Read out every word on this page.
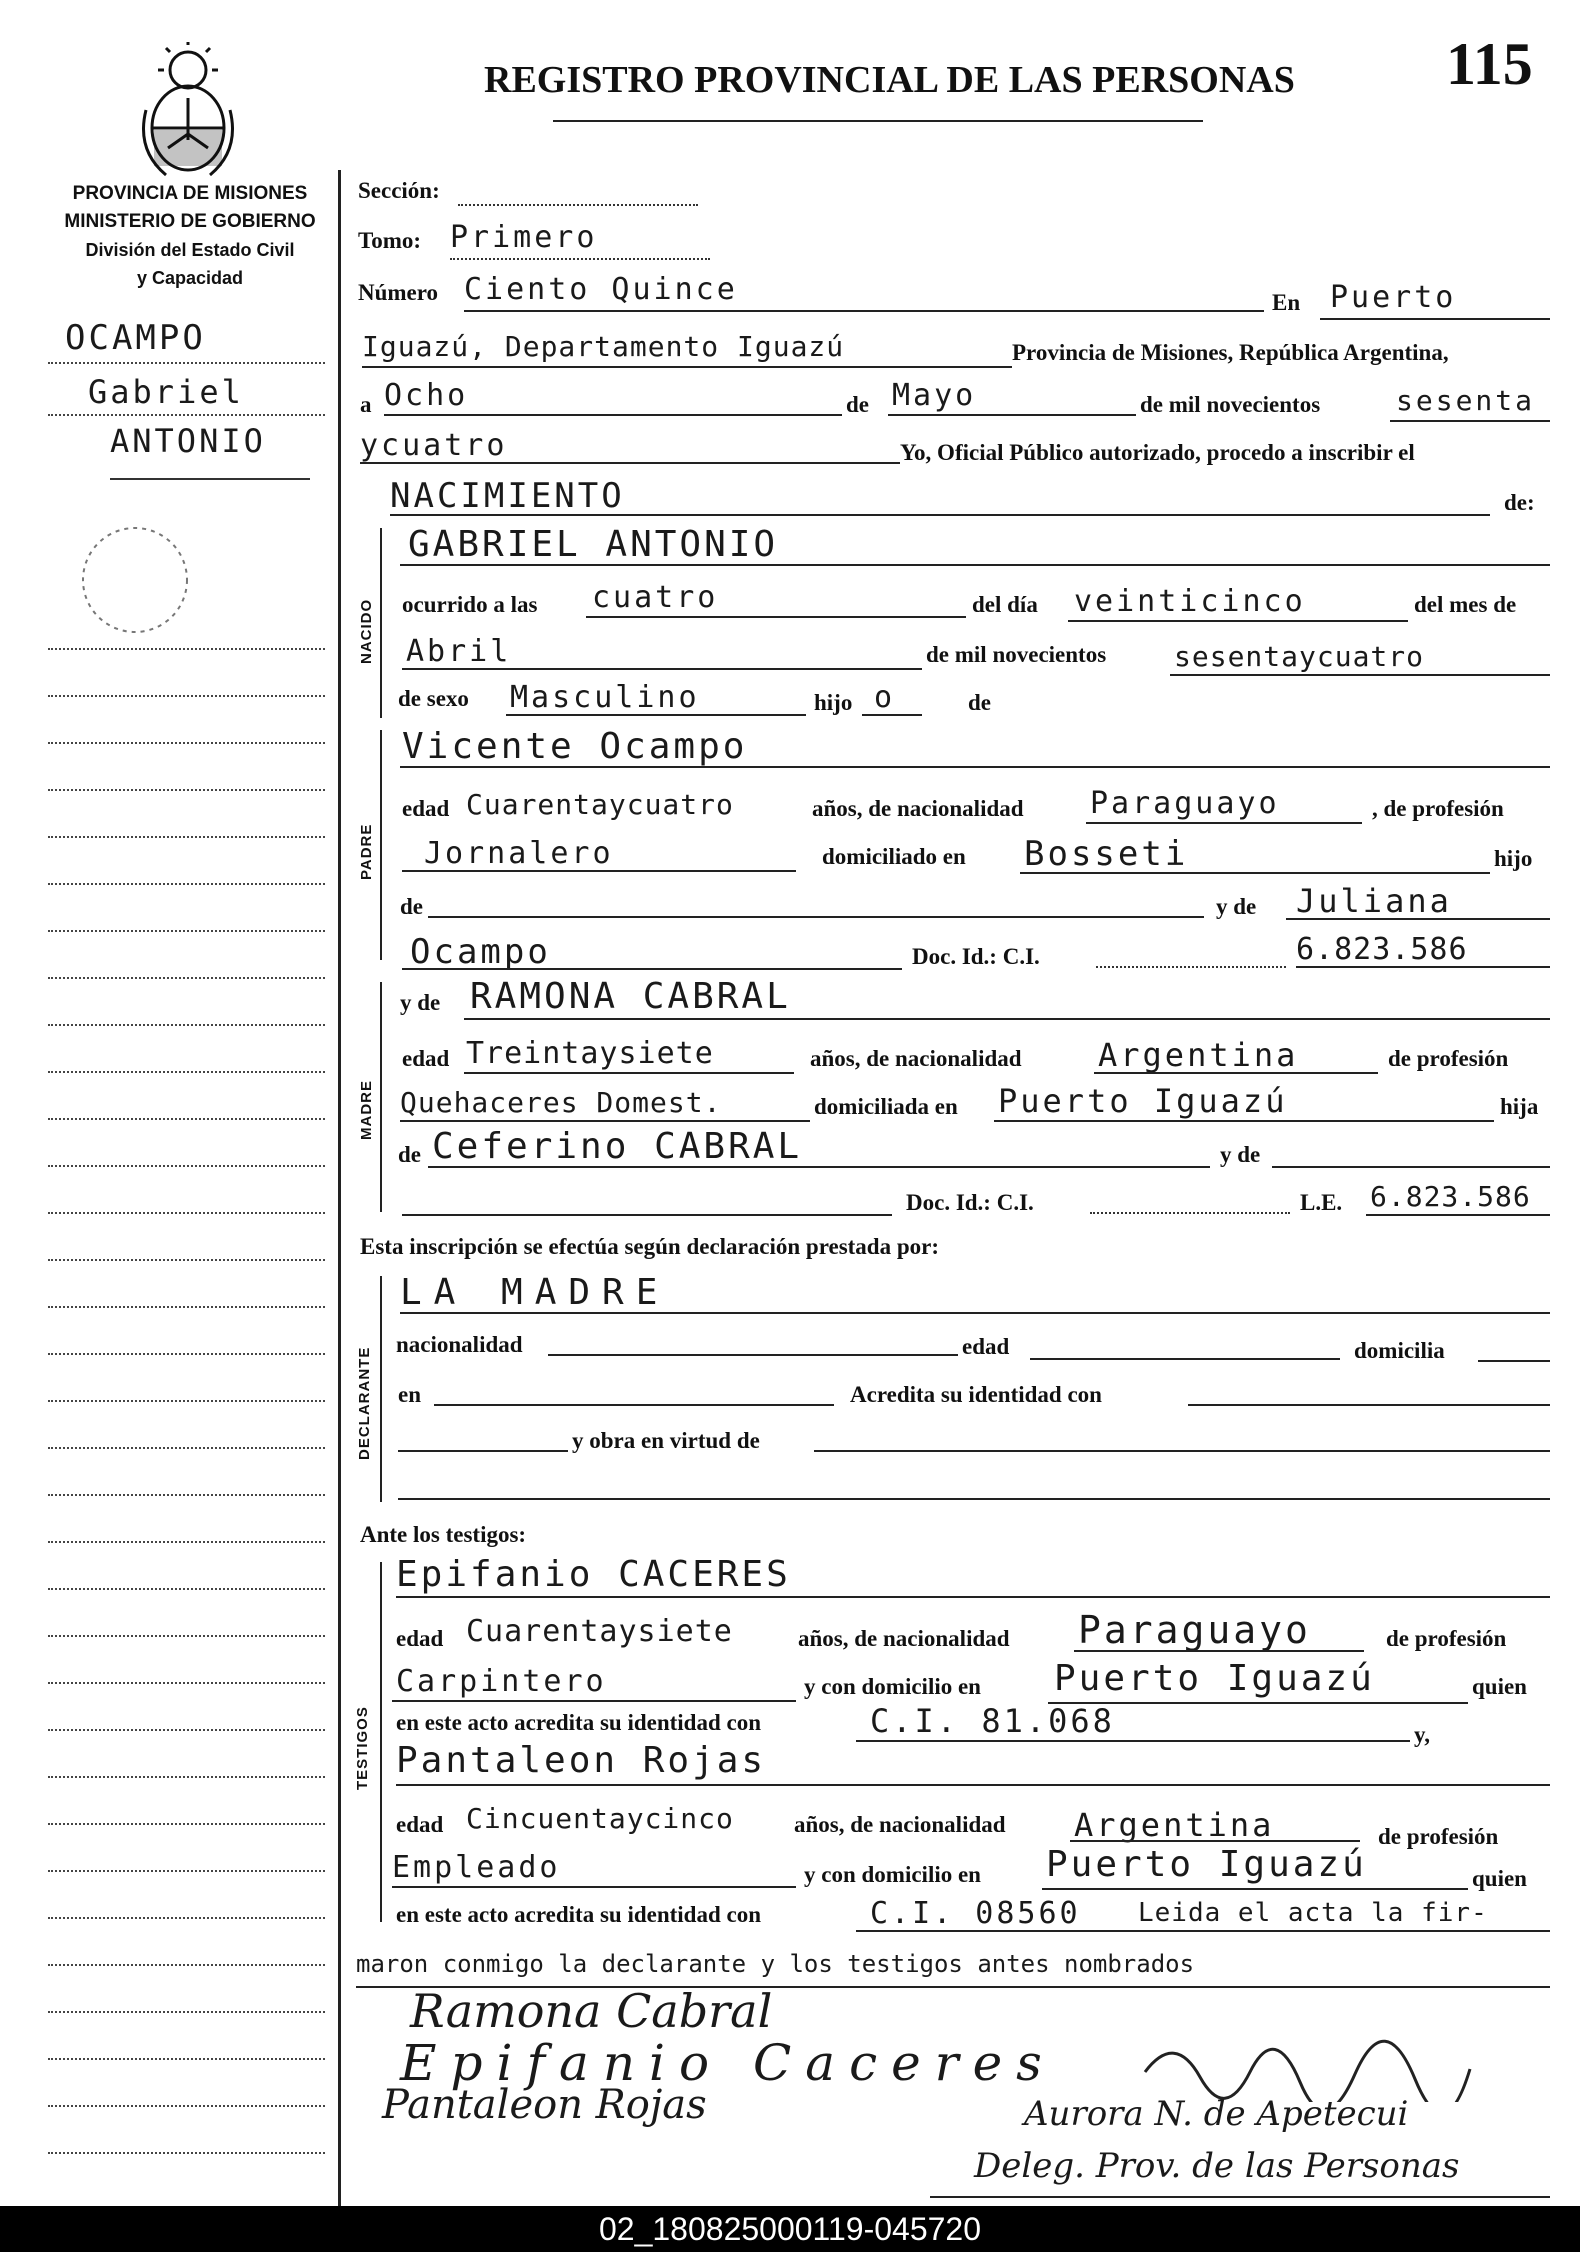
REGISTRO PROVINCIAL DE LAS PERSONAS	115
PROVINCIA DE MISIONES
MINISTERIO DE GOBIERNO
División del Estado Civil
y Capacidad
OCAMPO
Gabriel
ANTONIO
Sección:
Tomo: Primero
Número Ciento Quince	En Puerto
Iguazú, Departamento Iguazú	Provincia de Misiones, República Argentina,
a Ocho	de Mayo	de mil novecientos	sesenta
ycuatro	Yo, Oficial Público autorizado, procedo a inscribir el
NACIMIENTO	de:
NACIDO
GABRIEL ANTONIO
ocurrido a las cuatro	del día veinticinco	del mes de
Abril	de mil novecientos sesentaycuatro
de sexo Masculino	hijo o	de
PADRE
Vicente Ocampo
edad Cuarentaycuatro	años, de nacionalidad Paraguayo	, de profesión
Jornalero	domiciliado en Bosseti	hijo
de	y de Juliana
Ocampo	Doc. Id.: C.I.	6.823.586
MADRE
y de RAMONA CABRAL
edad Treintaysiete	años, de nacionalidad Argentina	de profesión
Quehaceres Domest.	domiciliada en Puerto Iguazú	hija
de Ceferino CABRAL	y de
Doc. Id.: C.I.	L.E. 6.823.586
Esta inscripción se efectúa según declaración prestada por:
DECLARANTE
LA MADRE
nacionalidad	edad	domicilia
en	Acredita su identidad con
y obra en virtud de
Ante los testigos:
TESTIGOS
Epifanio CACERES
edad Cuarentaysiete	años, de nacionalidad Paraguayo	de profesión
Carpintero	y con domicilio en Puerto Iguazú	quien
en este acto acredita su identidad con	C.I. 81.068	y,
Pantaleon Rojas
edad Cincuentaycinco	años, de nacionalidad Argentina	de profesión
Empleado	y con domicilio en Puerto Iguazú	quien
en este acto acredita su identidad con	C.I. 08560 Leida el acta la fir-
maron conmigo la declarante y los testigos antes nombrados
Ramona Cabral
Epifanio Caceres
Pantaleon Rojas	Aurora N. de Apetecui
Deleg. Prov. de las Personas
02_180825000119-045720
